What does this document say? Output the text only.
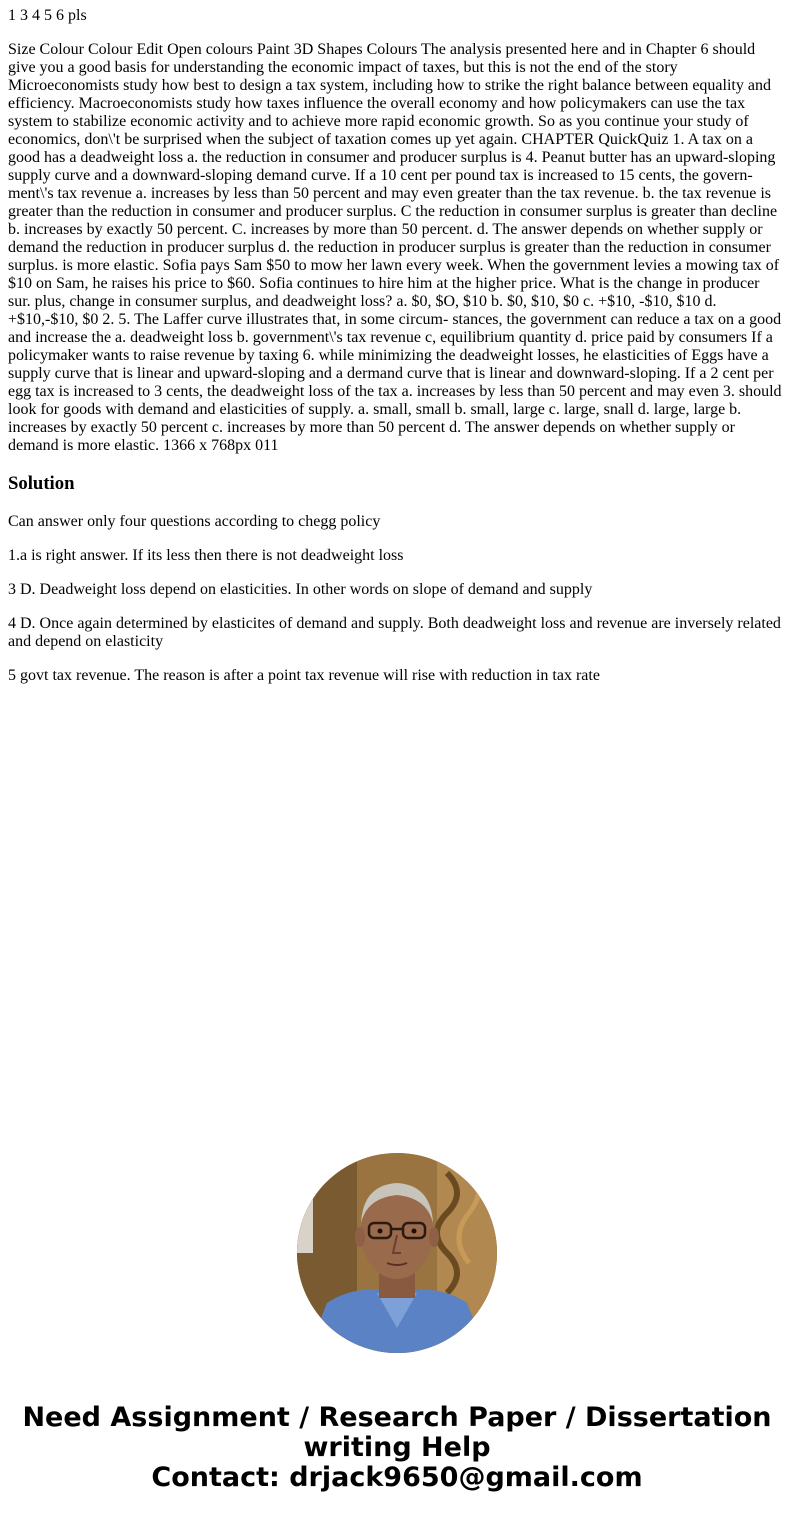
1 3 4 5 6 pls

Size Colour Colour Edit Open colours Paint 3D Shapes Colours The analysis presented here and in Chapter 6 should give you a good basis for understanding the economic impact of taxes, but this is not the end of the story Microeconomists study how best to design a tax system, including how to strike the right balance between equality and efficiency. Macroeconomists study how taxes influence the overall economy and how policymakers can use the tax system to stabilize economic activity and to achieve more rapid economic growth. So as you continue your study of economics, don\'t be surprised when the subject of taxation comes up yet again. CHAPTER QuickQuiz 1. A tax on a good has a deadweight loss a. the reduction in consumer and producer surplus is 4. Peanut butter has an upward-sloping supply curve and a downward-sloping demand curve. If a 10 cent per pound tax is increased to 15 cents, the govern- ment\'s tax revenue a. increases by less than 50 percent and may even greater than the tax revenue. b. the tax revenue is greater than the reduction in consumer and producer surplus. C the reduction in consumer surplus is greater than decline b. increases by exactly 50 percent. C. increases by more than 50 percent. d. The answer depends on whether supply or demand the reduction in producer surplus d. the reduction in producer surplus is greater than the reduction in consumer surplus. is more elastic. Sofia pays Sam $50 to mow her lawn every week. When the government levies a mowing tax of $10 on Sam, he raises his price to $60. Sofia continues to hire him at the higher price. What is the change in producer sur. plus, change in consumer surplus, and deadweight loss? a. $0, $O, $10 b. $0, $10, $0 c. +$10, -$10, $10 d. +$10,-$10, $0 2. 5. The Laffer curve illustrates that, in some circum- stances, the government can reduce a tax on a good and increase the a. deadweight loss b. government\'s tax revenue c, equilibrium quantity d. price paid by consumers If a policymaker wants to raise revenue by taxing 6. while minimizing the deadweight losses, he elasticities of Eggs have a supply curve that is linear and upward-sloping and a dermand curve that is linear and downward-sloping. If a 2 cent per egg tax is increased to 3 cents, the deadweight loss of the tax a. increases by less than 50 percent and may even 3. should look for goods with demand and elasticities of supply. a. small, small b. small, large c. large, snall d. large, large b. increases by exactly 50 percent c. increases by more than 50 percent d. The answer depends on whether supply or demand is more elastic. 1366 x 768px 011

Solution

Can answer only four questions according to chegg policy

1.a is right answer. If its less then there is not deadweight loss

3 D. Deadweight loss depend on elasticities. In other words on slope of demand and supply

4 D. Once again determined by elasticites of demand and supply. Both deadweight loss and revenue are inversely related and depend on elasticity

5 govt tax revenue. The reason is after a point tax revenue will rise with reduction in tax rate

Need Assignment / Research Paper / Dissertation
writing Help
Contact: drjack9650@gmail.com
